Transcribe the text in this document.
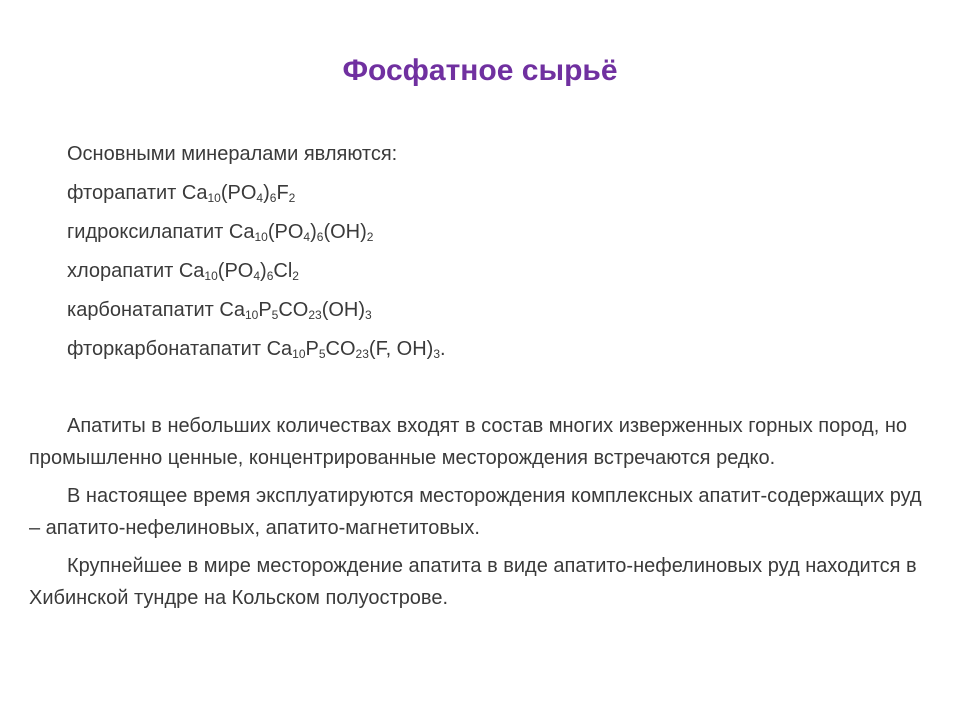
Фосфатное сырьё
Основными минералами являются:
фторапатит $Ca_{10}(PO_4)_6F_2$
гидроксилапатит $Ca_{10}(PO_4)_6(OH)_2$
хлорапатит $Ca_{10}(PO_4)_6Cl_2$
карбонатапатит $Ca_{10}P_5CO_{23}(OH)_3$
фторкарбонатапатит $Ca_{10}P_5CO_{23}(F$, $OH)_3$.

Апатиты в небольших количествах входят в состав многих изверженных горных пород, но промышленно ценные, концентрированные месторождения встречаются редко.

В настоящее время эксплуатируются месторождения комплексных апатит-содержащих руд – апатито-нефелиновых, апатито-магнетитовых.

Крупнейшее в мире месторождение апатита в виде апатито-нефелиновых руд находится в Хибинской тундре на Кольском полуострове.
